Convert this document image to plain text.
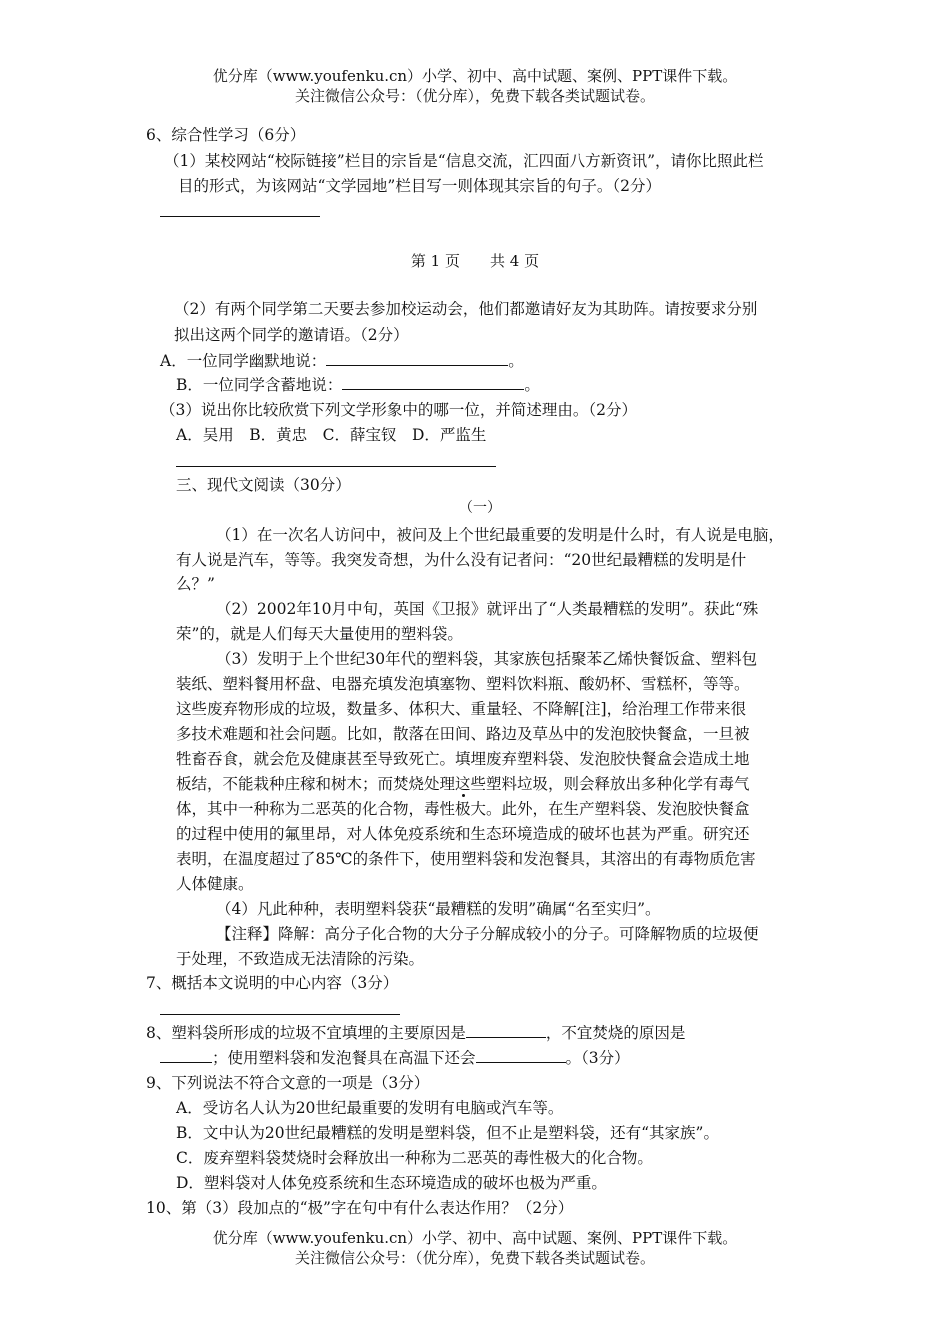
优分库（www.youfenku.cn）小学、初中、高中试题、案例、PPT课件下载。
关注微信公众号：（优分库），免费下载各类试题试卷。
6、综合性学习（6分）
（1）某校网站“校际链接”栏目的宗旨是“信息交流，汇四面八方新资讯”，请你比照此栏
目的形式，为该网站“文学园地”栏目写一则体现其宗旨的句子。（2分）
第 1 页　　共 4 页
（2）有两个同学第二天要去参加校运动会，他们都邀请好友为其助阵。请按要求分别
拟出这两个同学的邀请语。（2分）
A．一位同学幽默地说：	。
B．一位同学含蓄地说：	。
（3）说出你比较欣赏下列文学形象中的哪一位，并简述理由。（2分）
A．吴用　B．黄忠　C．薛宝钗　D．严监生
三、现代文阅读（30分）
（一）
（1）在一次名人访问中，被问及上个世纪最重要的发明是什么时，有人说是电脑，
有人说是汽车，等等。我突发奇想，为什么没有记者问：“20世纪最糟糕的发明是什
么？”
（2）2002年10月中旬，英国《卫报》就评出了“人类最糟糕的发明”。获此“殊
荣”的，就是人们每天大量使用的塑料袋。
（3）发明于上个世纪30年代的塑料袋，其家族包括聚苯乙烯快餐饭盒、塑料包
装纸、塑料餐用杯盘、电器充填发泡填塞物、塑料饮料瓶、酸奶杯、雪糕杯，等等。
这些废弃物形成的垃圾，数量多、体积大、重量轻、不降解[注]，给治理工作带来很
多技术难题和社会问题。比如，散落在田间、路边及草丛中的发泡胶快餐盒，一旦被
牲畜吞食，就会危及健康甚至导致死亡。填埋废弃塑料袋、发泡胶快餐盒会造成土地
板结，不能栽种庄稼和树木；而焚烧处理这些塑料垃圾，则会释放出多种化学有毒气
体，其中一种称为二恶英的化合物，毒性极大。此外，在生产塑料袋、发泡胶快餐盒
的过程中使用的氟里昂，对人体免疫系统和生态环境造成的破坏也甚为严重。研究还
表明，在温度超过了85℃的条件下，使用塑料袋和发泡餐具，其溶出的有毒物质危害
人体健康。
（4）凡此种种，表明塑料袋获“最糟糕的发明”确属“名至实归”。
【注释】降解：高分子化合物的大分子分解成较小的分子。可降解物质的垃圾便
于处理，不致造成无法清除的污染。
7、概括本文说明的中心内容（3分）
8、塑料袋所形成的垃圾不宜填埋的主要原因是	，不宜焚烧的原因是
；使用塑料袋和发泡餐具在高温下还会	。（3分）
9、下列说法不符合文意的一项是（3分）
A．受访名人认为20世纪最重要的发明有电脑或汽车等。
B．文中认为20世纪最糟糕的发明是塑料袋，但不止是塑料袋，还有“其家族”。
C．废弃塑料袋焚烧时会释放出一种称为二恶英的毒性极大的化合物。
D．塑料袋对人体免疫系统和生态环境造成的破坏也极为严重。
10、第（3）段加点的“极”字在句中有什么表达作用？（2分）
优分库（www.youfenku.cn）小学、初中、高中试题、案例、PPT课件下载。
关注微信公众号：（优分库），免费下载各类试题试卷。
